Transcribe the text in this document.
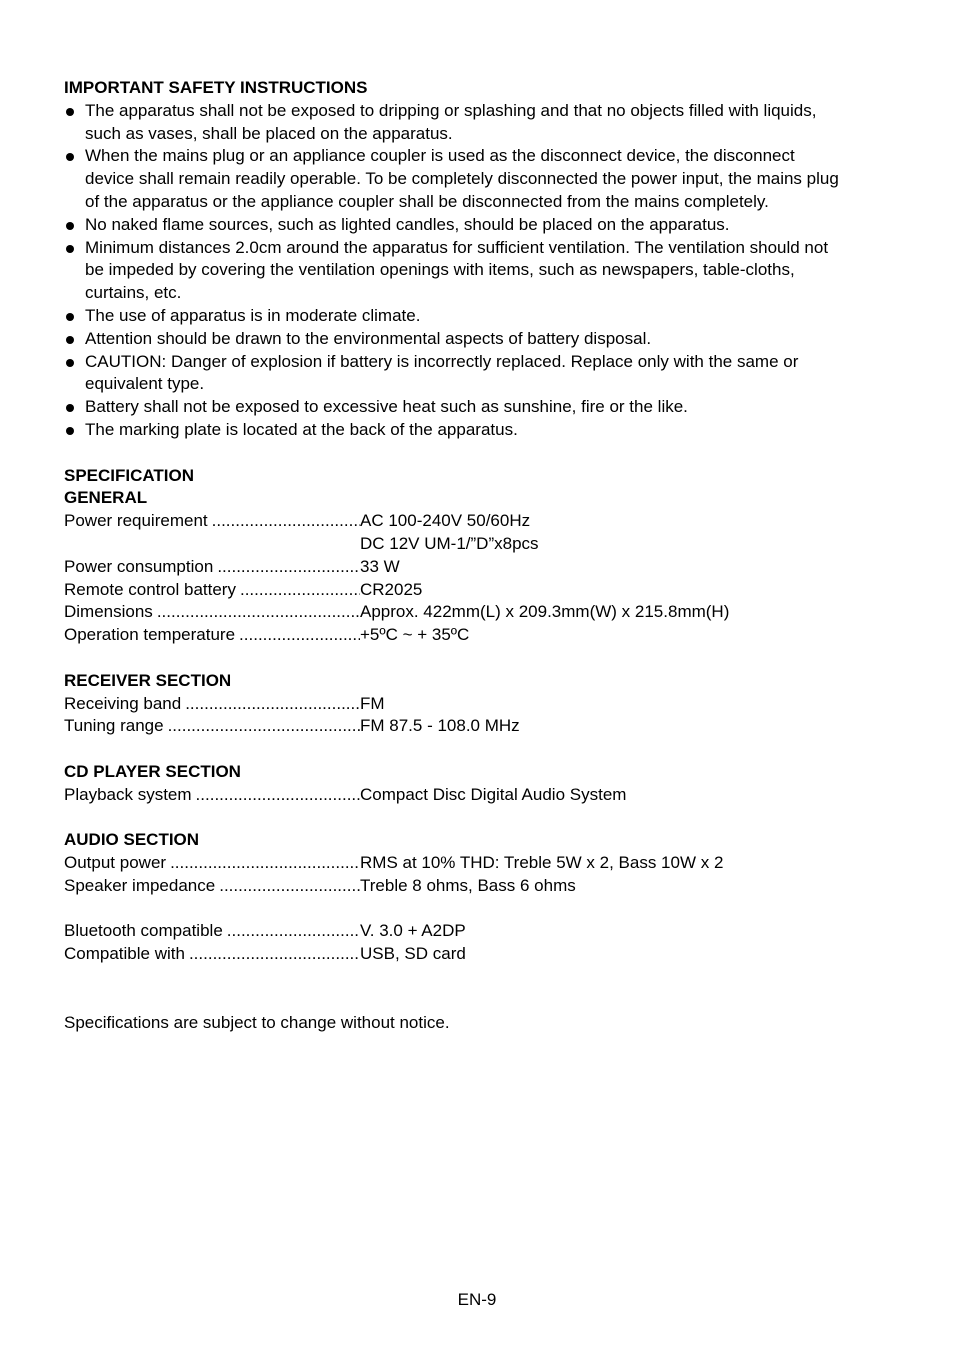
IMPORTANT SAFETY INSTRUCTIONS
The apparatus shall not be exposed to dripping or splashing and that no objects filled with liquids,
such as vases, shall be placed on the apparatus.
When the mains plug or an appliance coupler is used as the disconnect device, the disconnect
device shall remain readily operable. To be completely disconnected the power input, the mains plug
of the apparatus or the appliance coupler shall be disconnected from the mains completely.
No naked flame sources, such as lighted candles, should be placed on the apparatus.
Minimum distances 2.0cm around the apparatus for sufficient ventilation. The ventilation should not
be impeded by covering the ventilation openings with items, such as newspapers, table-cloths,
curtains, etc.
The use of apparatus is in moderate climate.
Attention should be drawn to the environmental aspects of battery disposal.
CAUTION: Danger of explosion if battery is incorrectly replaced. Replace only with the same or
equivalent type.
Battery shall not be exposed to excessive heat such as sunshine, fire or the like.
The marking plate is located at the back of the apparatus.
SPECIFICATION
GENERAL
Power requirement .....	AC 100-240V 50/60Hz
DC 12V UM-1/”D”x8pcs
Power consumption .....	33 W
Remote control battery .....	CR2025
Dimensions .....	Approx. 422mm(L) x 209.3mm(W) x 215.8mm(H)
Operation temperature .....	+5ºC ~ + 35ºC
RECEIVER SECTION
Receiving band .....	FM
Tuning range .....	FM 87.5 - 108.0 MHz
CD PLAYER SECTION
Playback system .....	Compact Disc Digital Audio System
AUDIO SECTION
Output power .....	RMS at 10% THD: Treble 5W x 2, Bass 10W x 2
Speaker impedance .....	Treble 8 ohms, Bass 6 ohms
Bluetooth compatible .....	V. 3.0 + A2DP
Compatible with .....	USB, SD card
Specifications are subject to change without notice.
EN-9
